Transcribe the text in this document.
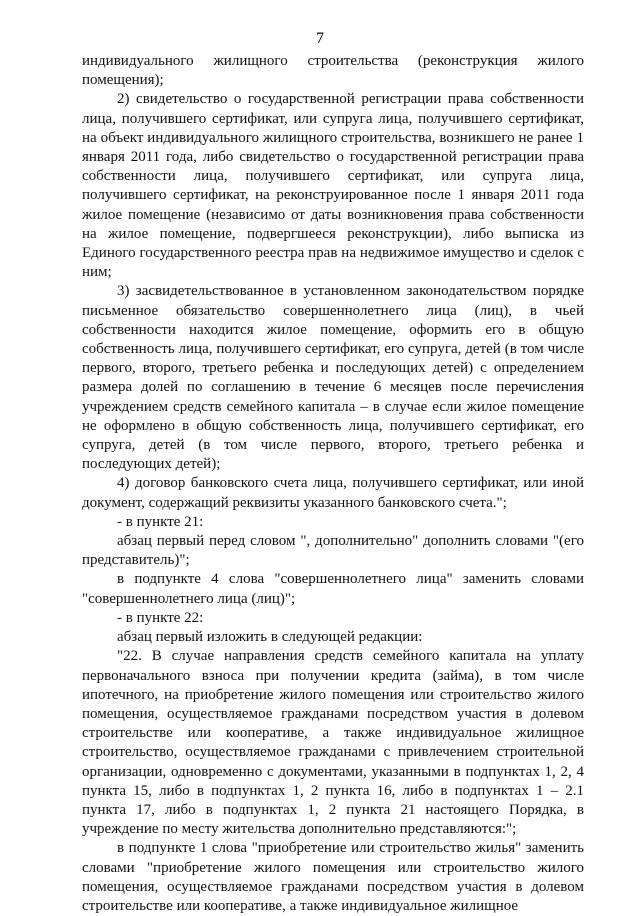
7

индивидуального жилищного строительства (реконструкция жилого помещения);

2) свидетельство о государственной регистрации права собственности лица, получившего сертификат, или супруга лица, получившего сертификат, на объект индивидуального жилищного строительства, возникшего не ранее 1 января 2011 года, либо свидетельство о государственной регистрации права собственности лица, получившего сертификат, или супруга лица, получившего сертификат, на реконструированное после 1 января 2011 года жилое помещение (независимо от даты возникновения права собственности на жилое помещение, подвергшееся реконструкции), либо выписка из Единого государственного реестра прав на недвижимое имущество и сделок с ним;

3) засвидетельствованное в установленном законодательством порядке письменное обязательство совершеннолетнего лица (лиц), в чьей собственности находится жилое помещение, оформить его в общую собственность лица, получившего сертификат, его супруга, детей (в том числе первого, второго, третьего ребенка и последующих детей) с определением размера долей по соглашению в течение 6 месяцев после перечисления учреждением средств семейного капитала – в случае если жилое помещение не оформлено в общую собственность лица, получившего сертификат, его супруга, детей (в том числе первого, второго, третьего ребенка и последующих детей);

4) договор банковского счета лица, получившего сертификат, или иной документ, содержащий реквизиты указанного банковского счета.";

- в пункте 21:

абзац первый перед словом ", дополнительно" дополнить словами "(его представитель)";

в подпункте 4 слова "совершеннолетнего лица" заменить словами "совершеннолетнего лица (лиц)";

- в пункте 22:

абзац первый изложить в следующей редакции:

"22. В случае направления средств семейного капитала на уплату первоначального взноса при получении кредита (займа), в том числе ипотечного, на приобретение жилого помещения или строительство жилого помещения, осуществляемое гражданами посредством участия в долевом строительстве или кооперативе, а также индивидуальное жилищное строительство, осуществляемое гражданами с привлечением строительной организации, одновременно с документами, указанными в подпунктах 1, 2, 4 пункта 15, либо в подпунктах 1, 2 пункта 16, либо в подпунктах 1 – 2.1 пункта 17, либо в подпунктах 1, 2 пункта 21 настоящего Порядка, в учреждение по месту жительства дополнительно представляются:";

в подпункте 1 слова "приобретение или строительство жилья" заменить словами "приобретение жилого помещения или строительство жилого помещения, осуществляемое гражданами посредством участия в долевом строительстве или кооперативе, а также индивидуальное жилищное
